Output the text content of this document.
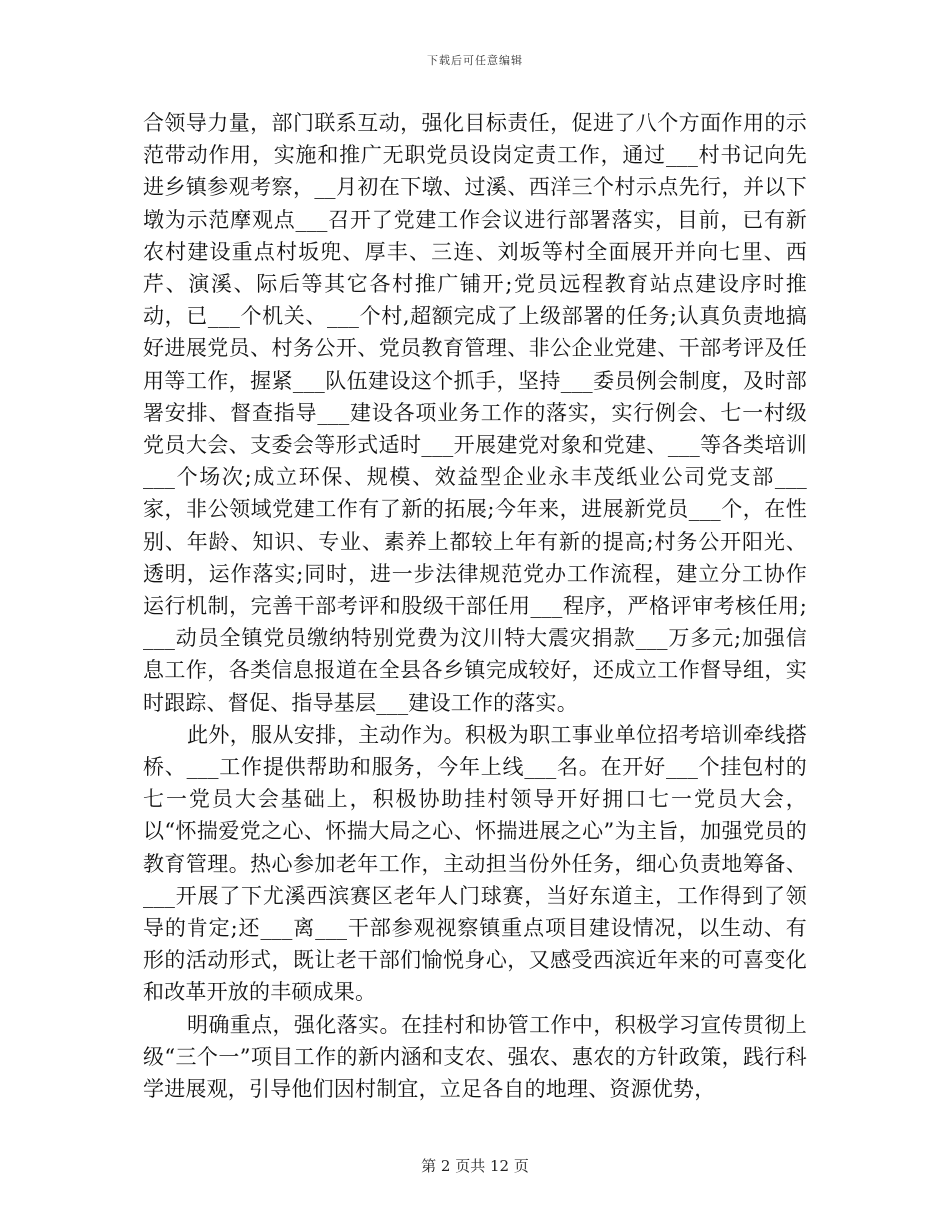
下载后可任意编辑

合领导力量，部门联系互动，强化目标责任，促进了八个方面作用的示范带动作用，实施和推广无职党员设岗定责工作，通过___村书记向先进乡镇参观考察，__月初在下墩、过溪、西洋三个村示点先行，并以下墩为示范摩观点___召开了党建工作会议进行部署落实，目前，已有新农村建设重点村坂兜、厚丰、三连、刘坂等村全面展开并向七里、西芹、演溪、际后等其它各村推广铺开;党员远程教育站点建设序时推动，已___个机关、___个村,超额完成了上级部署的任务;认真负责地搞好进展党员、村务公开、党员教育管理、非公企业党建、干部考评及任用等工作，握紧___队伍建设这个抓手，坚持___委员例会制度，及时部署安排、督查指导___建设各项业务工作的落实，实行例会、七一村级党员大会、支委会等形式适时___开展建党对象和党建、___等各类培训___个场次;成立环保、规模、效益型企业永丰茂纸业公司党支部___家，非公领域党建工作有了新的拓展;今年来，进展新党员___个，在性别、年龄、知识、专业、素养上都较上年有新的提高;村务公开阳光、透明，运作落实;同时，进一步法律规范党办工作流程，建立分工协作运行机制，完善干部考评和股级干部任用___程序，严格评审考核任用;___动员全镇党员缴纳特别党费为汶川特大震灾捐款___万多元;加强信息工作，各类信息报道在全县各乡镇完成较好，还成立工作督导组，实时跟踪、督促、指导基层___建设工作的落实。

此外，服从安排，主动作为。积极为职工事业单位招考培训牵线搭桥、___工作提供帮助和服务，今年上线___名。在开好___个挂包村的七一党员大会基础上，积极协助挂村领导开好拥口七一党员大会，以“怀揣爱党之心、怀揣大局之心、怀揣进展之心”为主旨，加强党员的教育管理。热心参加老年工作，主动担当份外任务，细心负责地筹备、___开展了下尤溪西滨赛区老年人门球赛，当好东道主，工作得到了领导的肯定;还___离___干部参观视察镇重点项目建设情况，以生动、有形的活动形式，既让老干部们愉悦身心，又感受西滨近年来的可喜变化和改革开放的丰硕成果。

明确重点，强化落实。在挂村和协管工作中，积极学习宣传贯彻上级“三个一”项目工作的新内涵和支农、强农、惠农的方针政策，践行科学进展观，引导他们因村制宜，立足各自的地理、资源优势，

第 2 页共 12 页
